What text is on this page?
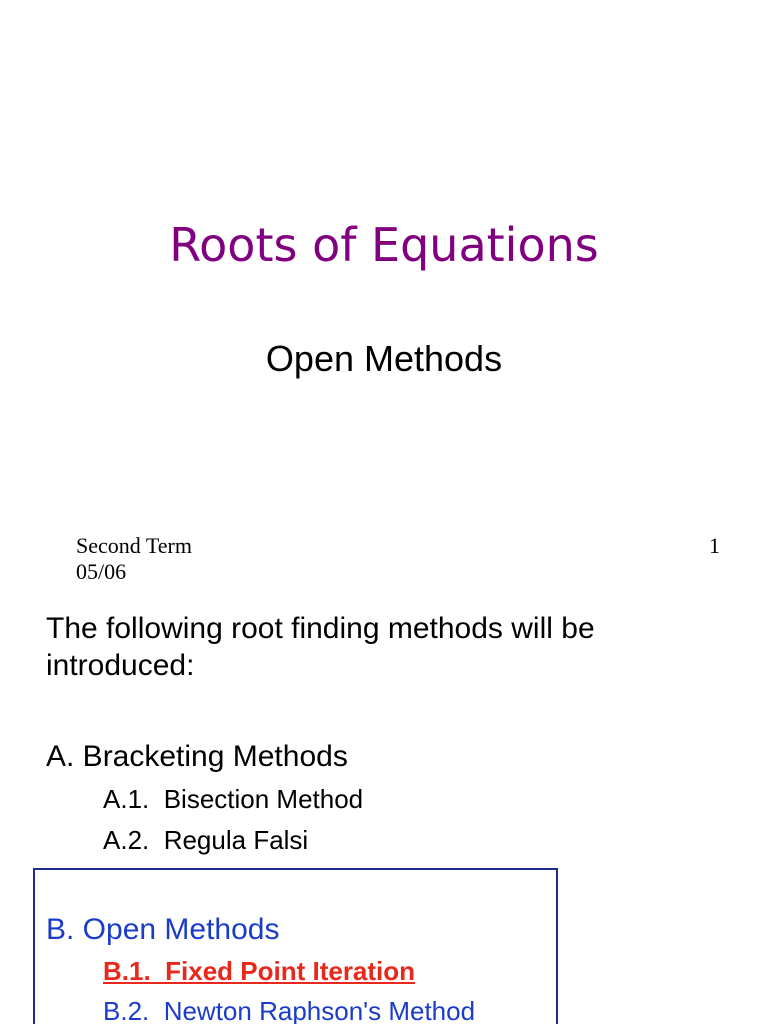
Roots of Equations
Open Methods
Second Term
05/06
1
The following root finding methods will be introduced:
A. Bracketing Methods
A.1.  Bisection Method
A.2.  Regula Falsi
B. Open Methods
B.1.  Fixed Point Iteration
B.2.  Newton Raphson's Method
